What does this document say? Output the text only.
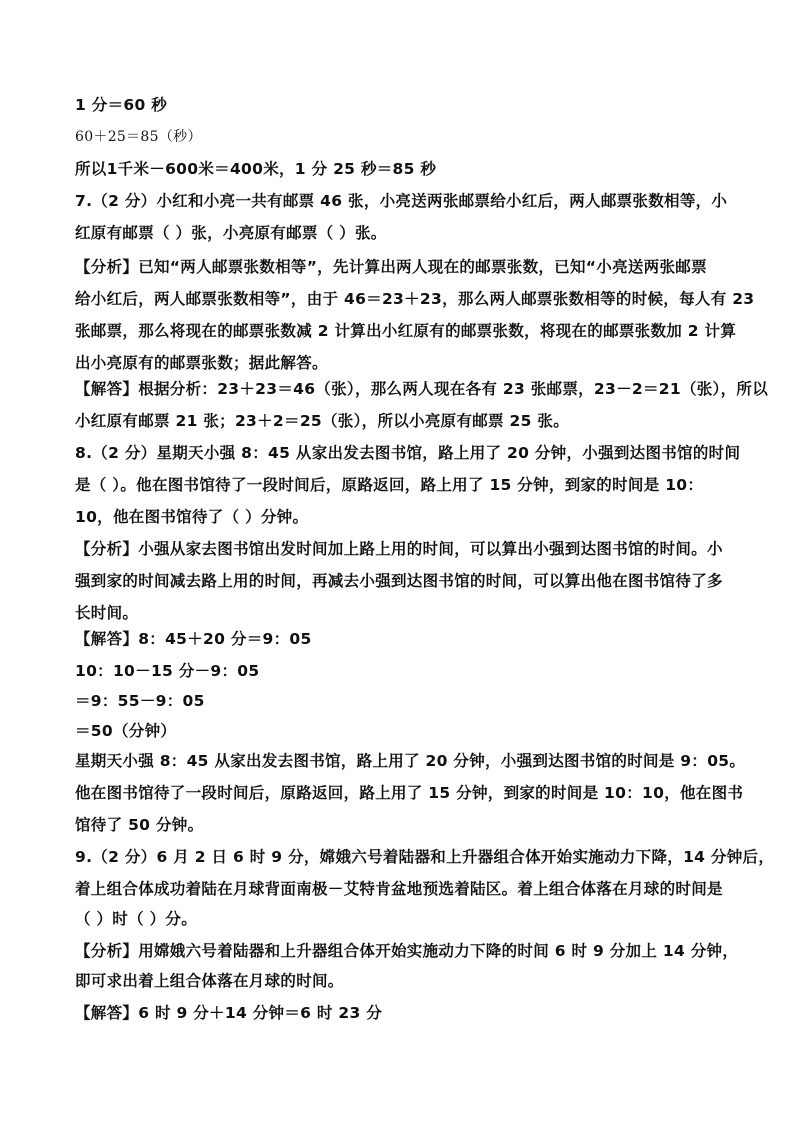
1 分＝60 秒

60＋25＝85（秒）

所以1千米－600米＝400米，1 分 25 秒＝85 秒

7.（2 分）小红和小亮一共有邮票 46 张，小亮送两张邮票给小红后，两人邮票张数相等，小

红原有邮票（ ）张，小亮原有邮票（ ）张。

【分析】已知“两人邮票张数相等”，先计算出两人现在的邮票张数，已知“小亮送两张邮票

给小红后，两人邮票张数相等”，由于 46＝23＋23，那么两人邮票张数相等的时候，每人有 23

张邮票，那么将现在的邮票张数减 2 计算出小红原有的邮票张数，将现在的邮票张数加 2 计算

出小亮原有的邮票张数；据此解答。

【解答】根据分析：23＋23＝46（张），那么两人现在各有 23 张邮票，23－2＝21（张），所以

小红原有邮票 21 张；23＋2＝25（张），所以小亮原有邮票 25 张。

8.（2 分）星期天小强 8：45 从家出发去图书馆，路上用了 20 分钟，小强到达图书馆的时间

是（ ）。他在图书馆待了一段时间后，原路返回，路上用了 15 分钟，到家的时间是 10：

10，他在图书馆待了（ ）分钟。

【分析】小强从家去图书馆出发时间加上路上用的时间，可以算出小强到达图书馆的时间。小

强到家的时间减去路上用的时间，再减去小强到达图书馆的时间，可以算出他在图书馆待了多

长时间。

【解答】8：45＋20 分＝9：05

10：10－15 分－9：05

＝9：55－9：05

＝50（分钟）

星期天小强 8：45 从家出发去图书馆，路上用了 20 分钟，小强到达图书馆的时间是 9：05。

他在图书馆待了一段时间后，原路返回，路上用了 15 分钟，到家的时间是 10：10，他在图书

馆待了 50 分钟。

9.（2 分）6 月 2 日 6 时 9 分，嫦娥六号着陆器和上升器组合体开始实施动力下降，14 分钟后，

着上组合体成功着陆在月球背面南极－艾特肯盆地预选着陆区。着上组合体落在月球的时间是

（ ）时（ ）分。

【分析】用嫦娥六号着陆器和上升器组合体开始实施动力下降的时间 6 时 9 分加上 14 分钟，

即可求出着上组合体落在月球的时间。

【解答】6 时 9 分＋14 分钟＝6 时 23 分
